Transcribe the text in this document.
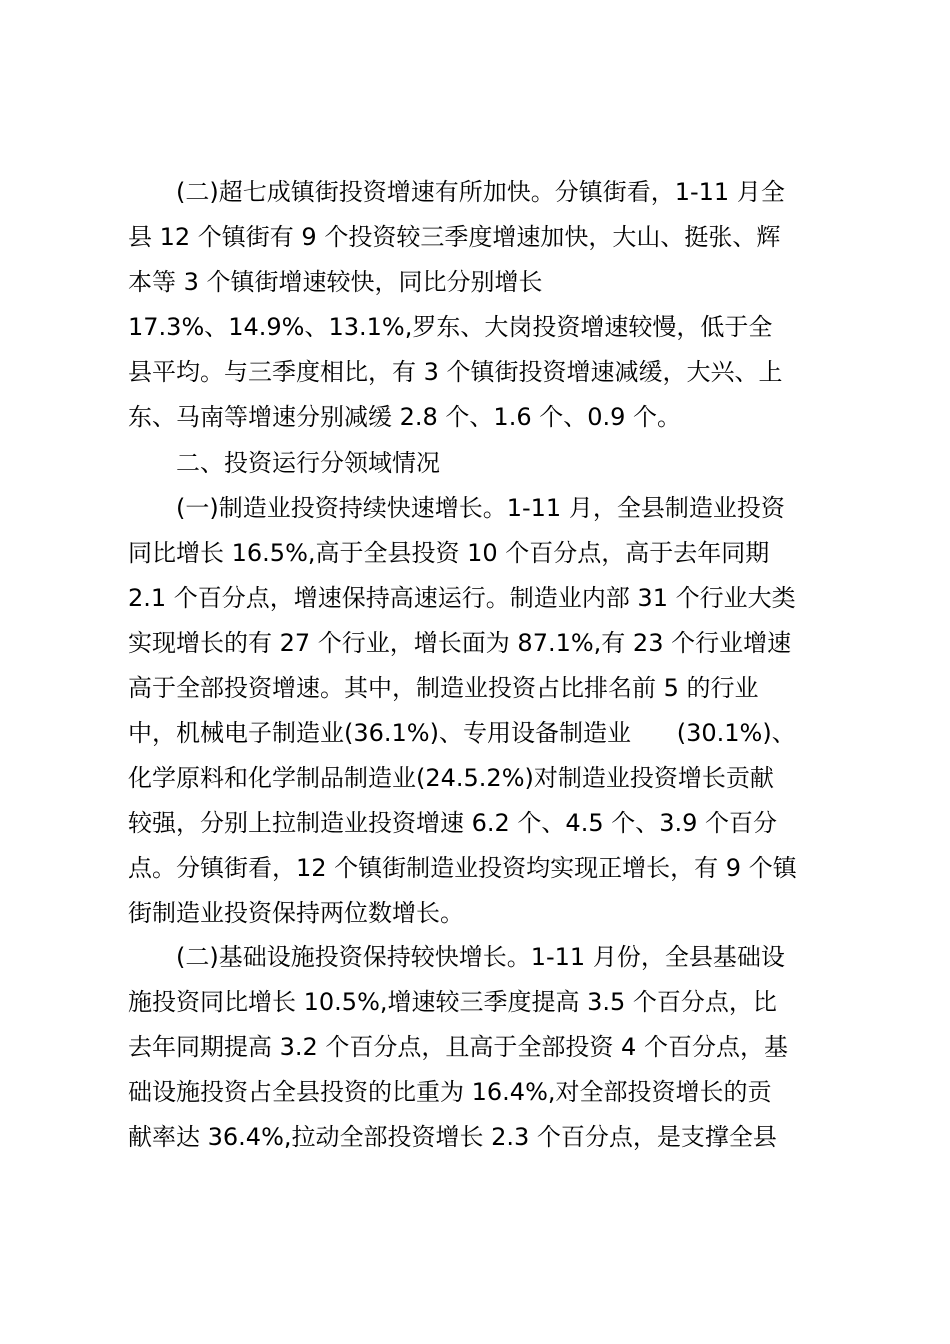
(二)超七成镇街投资增速有所加快。分镇街看，1-11 月全
县 12 个镇街有 9 个投资较三季度增速加快，大山、挺张、辉
本等 3 个镇街增速较快，同比分别增长
17.3%、14.9%、13.1%,罗东、大岗投资增速较慢，低于全
县平均。与三季度相比，有 3 个镇街投资增速减缓，大兴、上
东、马南等增速分别减缓 2.8 个、1.6 个、0.9 个。
二、投资运行分领域情况
(一)制造业投资持续快速增长。1-11 月，全县制造业投资
同比增长 16.5%,高于全县投资 10 个百分点，高于去年同期
2.1 个百分点，增速保持高速运行。制造业内部 31 个行业大类
实现增长的有 27 个行业，增长面为 87.1%,有 23 个行业增速
高于全部投资增速。其中，制造业投资占比排名前 5 的行业
中，机械电子制造业(36.1%)、专用设备制造业      (30.1%)、
化学原料和化学制品制造业(24.5.2%)对制造业投资增长贡献
较强，分别上拉制造业投资增速 6.2 个、4.5 个、3.9 个百分
点。分镇街看，12 个镇街制造业投资均实现正增长，有 9 个镇
街制造业投资保持两位数增长。
(二)基础设施投资保持较快增长。1-11 月份，全县基础设
施投资同比增长 10.5%,增速较三季度提高 3.5 个百分点，比
去年同期提高 3.2 个百分点，且高于全部投资 4 个百分点，基
础设施投资占全县投资的比重为 16.4%,对全部投资增长的贡
献率达 36.4%,拉动全部投资增长 2.3 个百分点，是支撑全县
